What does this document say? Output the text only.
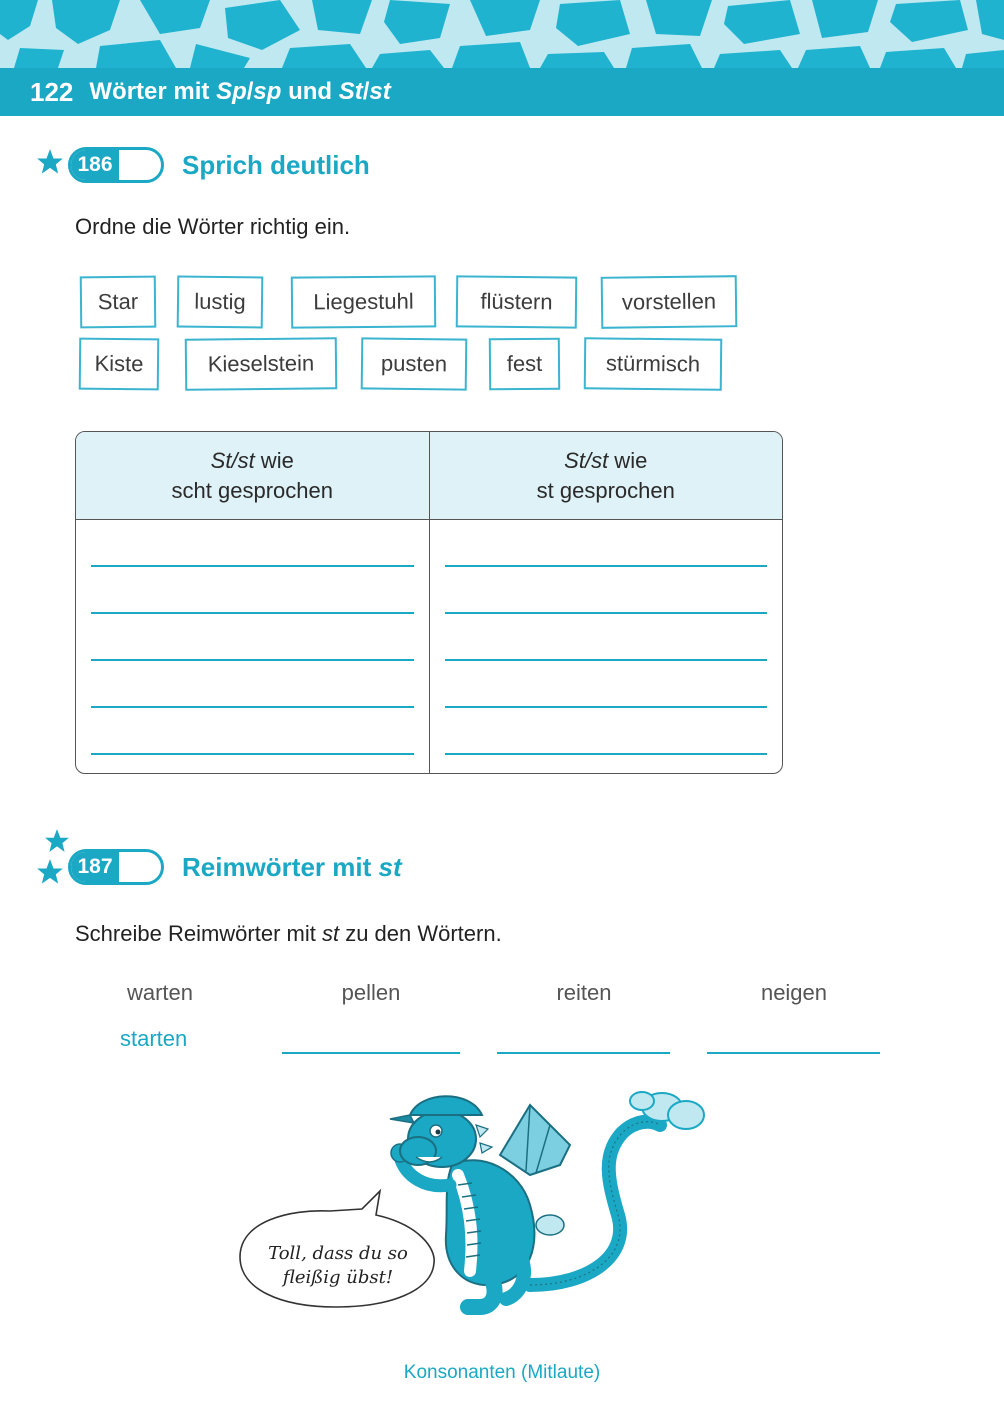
122 Wörter mit Sp/sp und St/st
186	Sprich deutlich
Ordne die Wörter richtig ein.
Star	lustig	Liegestuhl	flüstern	vorstellen
Kiste	Kieselstein	pusten	fest	stürmisch
St/st wie
scht gesprochen
St/st wie
st gesprochen
187	Reimwörter mit st
Schreibe Reimwörter mit st zu den Wörtern.
warten	pellen	reiten	neigen
starten
Toll, dass du so
fleißig übst!
Konsonanten (Mitlaute)
